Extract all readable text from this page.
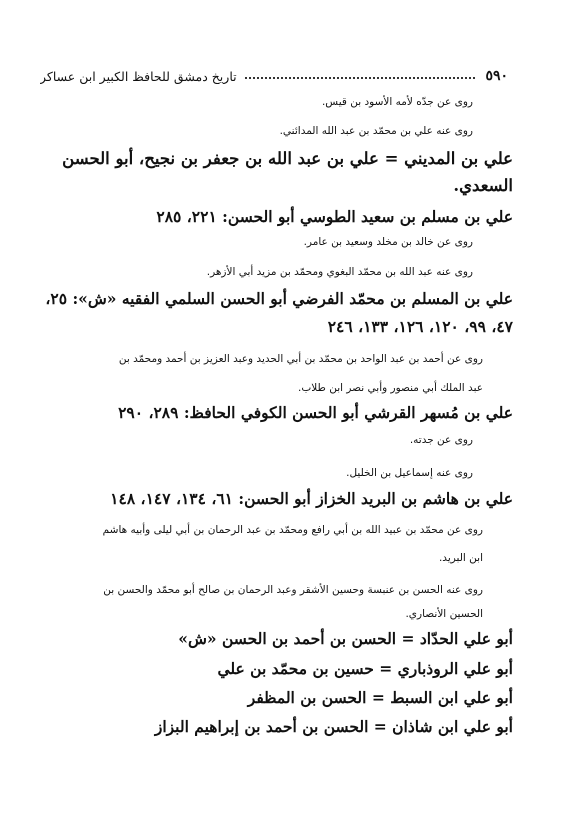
٥٩٠
تاريخ دمشق للحافظ الكبير ابن عساكر
روى عن جدّه لأمه الأسود بن قيس.
روى عنه علي بن محمّد بن عبد الله المدائني.
علي بن المديني = علي بن عبد الله بن جعفر بن نجيح، أبو الحسن
السعدي.
علي بن مسلم بن سعيد الطوسي أبو الحسن: ٢٢١، ٢٨٥
روى عن خالد بن مخلد وسعيد بن عامر.
روى عنه عبد الله بن محمّد البغوي ومحمّد بن مزيد أبي الأزهر.
علي بن المسلم بن محمّد الفرضي أبو الحسن السلمي الفقيه «ش»: ٢٥،
٤٧، ٩٩، ١٢٠، ١٢٦، ١٣٣، ٢٤٦
روى عن أحمد بن عبد الواحد بن محمّد بن أبي الحديد وعبد العزيز بن أحمد ومحمّد بن
عبد الملك أبي منصور وأبي نصر ابن طلاب.
علي بن مُسهر القرشي أبو الحسن الكوفي الحافظ: ٢٨٩، ٢٩٠
روى عن جدته.
روى عنه إسماعيل بن الخليل.
علي بن هاشم بن البريد الخزاز أبو الحسن: ٦١، ١٣٤، ١٤٧، ١٤٨
روى عن محمّد بن عبيد الله بن أبي رافع ومحمّد بن عبد الرحمان بن أبي ليلى وأبيه هاشم
ابن البريد.
روى عنه الحسن بن عنبسة وحسين الأشقر وعبد الرحمان بن صالح أبو محمّد والحسن بن
الحسين الأنصاري.
أبو علي الحدّاد = الحسن بن أحمد بن الحسن «ش»
أبو علي الروذباري = حسين بن محمّد بن علي
أبو علي ابن السبط = الحسن بن المظفر
أبو علي ابن شاذان = الحسن بن أحمد بن إبراهيم البزاز
